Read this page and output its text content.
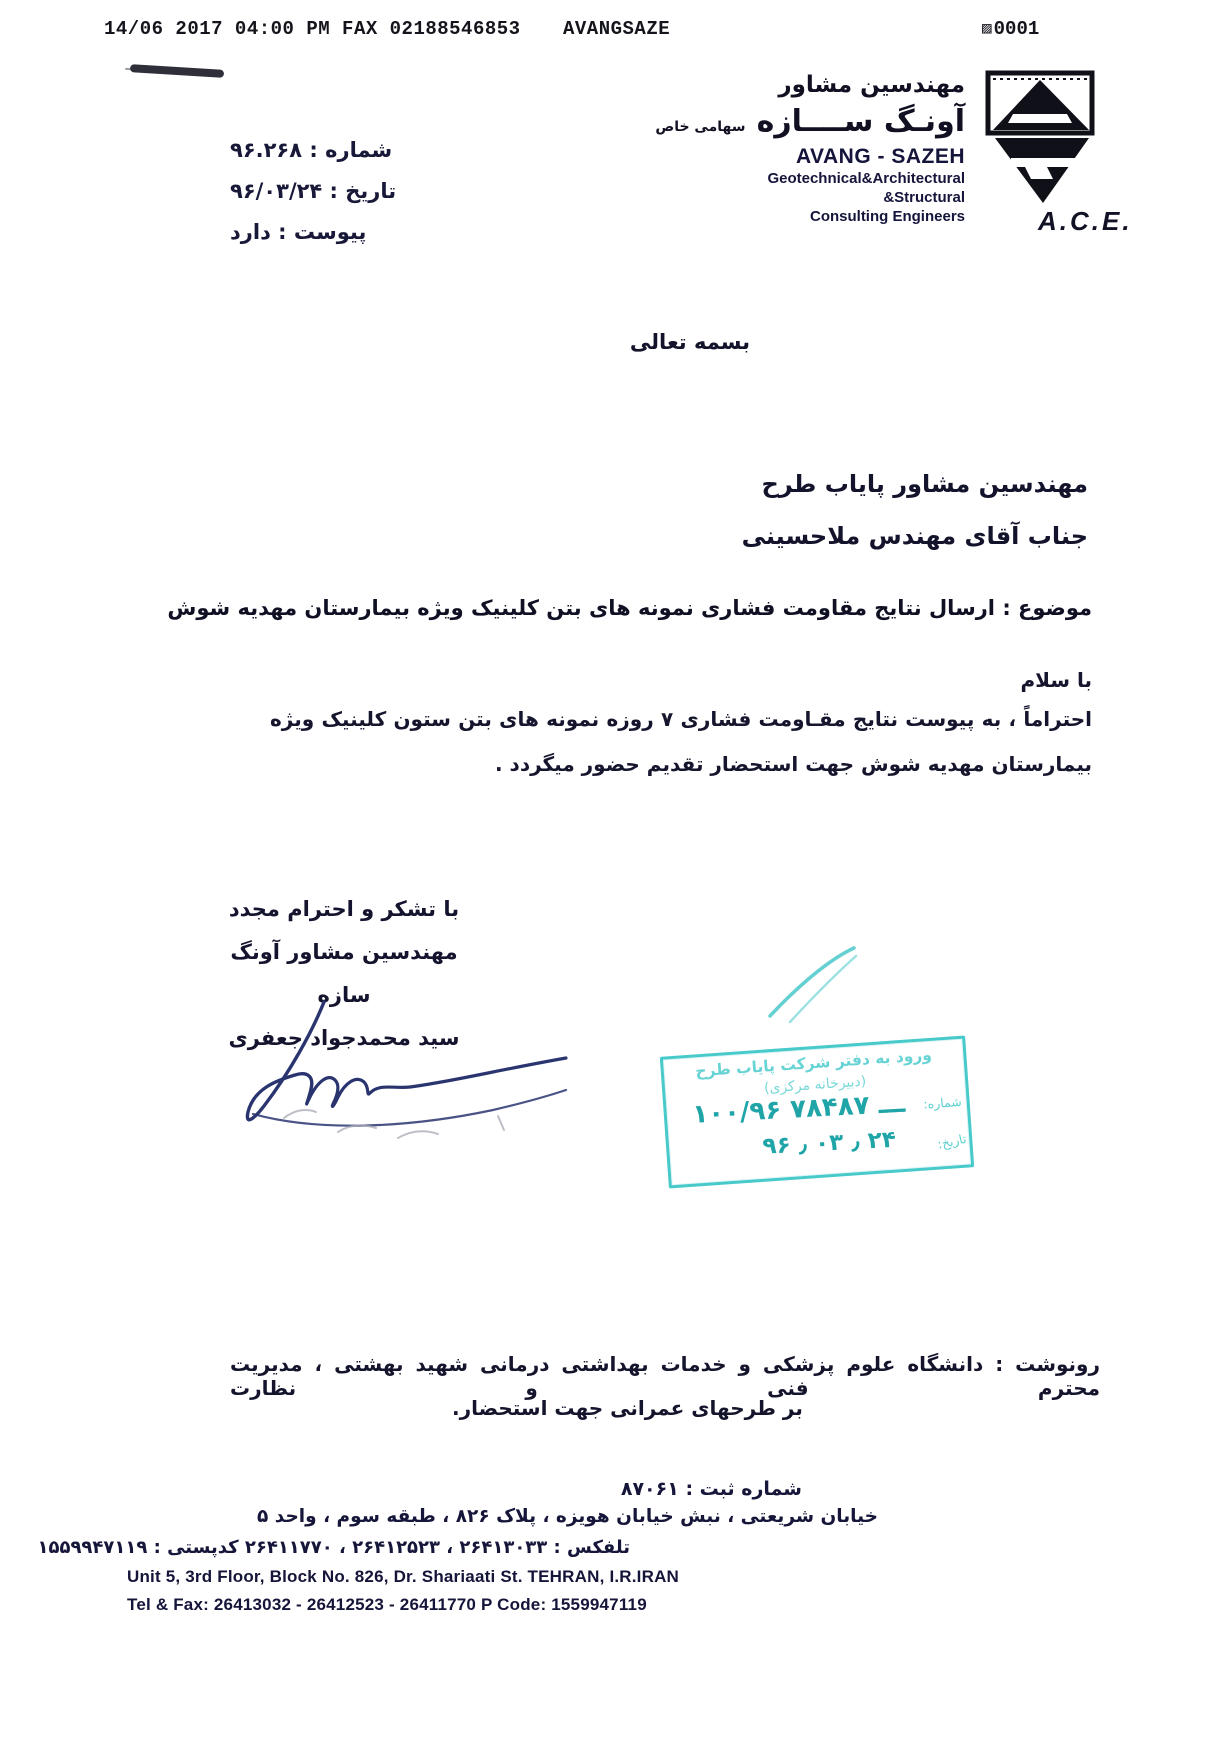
14/06 2017 04:00 PM FAX 02188546853 AVANGSAZE	▨ 0001
مهندسین مشاور
آونـگ ســــازه سهامی خاص
AVANG - SAZEH
Geotechnical&Architectural
&Structural
Consulting Engineers	A.C.E.
شماره : ۹۶.۲۶۸
تاریخ : ۹۶/۰۳/۲۴
پیوست : دارد
بسمه تعالی
مهندسین مشاور پایاب طرح
جناب آقای مهندس ملاحسینی
موضوع : ارسال نتایج مقاومت فشاری نمونه های بتن کلینیک ویژه بیمارستان مهدیه شوش
با سلام
احتراماً ، به پیوست نتایج مقـاومت فشاری ۷ روزه نمونه های بتن ستون کلینیک ویژه
بیمارستان مهدیه شوش جهت استحضار تقدیم حضور میگردد .
با تشکر و احترام مجدد
مهندسین مشاور آونگ سازه
سید محمدجواد جعفری
ورود به دفتر شرکت پایاب طرح
(دبیرخانه مرکزی)
شماره:
۱۰۰/۹۶ ـــ ۷۸۴۸۷
تاریخ:
۹۶ ٫ ۰۳ ٫ ۲۴
رونوشت : دانشگاه علوم پزشکی و خدمات بهداشتی درمانی شهید بهشتی ، مدیریت محترم فنی و نظارت
بر طرحهای عمرانی جهت استحضار.
شماره ثبت : ۸۷۰۶۱
خیابان شریعتی ، نبش خیابان هویزه ، پلاک ۸۲۶ ، طبقه سوم ، واحد ۵
تلفکس : ۲۶۴۱۳۰۳۳ ، ۲۶۴۱۲۵۲۳ ، ۲۶۴۱۱۷۷۰ کدپستی : ۱۵۵۹۹۴۷۱۱۹
Unit 5, 3rd Floor, Block No. 826, Dr. Shariaati St. TEHRAN, I.R.IRAN
Tel & Fax: 26413032 - 26412523 - 26411770 P Code: 1559947119
